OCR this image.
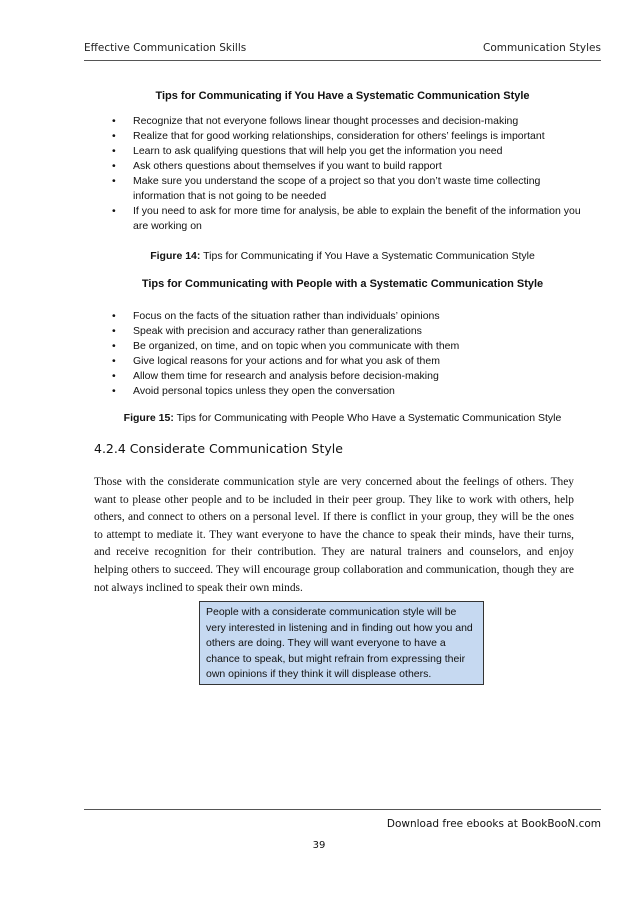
Effective Communication Skills	Communication Styles
Tips for Communicating if You Have a Systematic Communication Style
• Recognize that not everyone follows linear thought processes and decision-making
• Realize that for good working relationships, consideration for others’ feelings is important
• Learn to ask qualifying questions that will help you get the information you need
• Ask others questions about themselves if you want to build rapport
• Make sure you understand the scope of a project so that you don’t waste time collecting information that is not going to be needed
• If you need to ask for more time for analysis, be able to explain the benefit of the information you are working on
Figure 14: Tips for Communicating if You Have a Systematic Communication Style
Tips for Communicating with People with a Systematic Communication Style
• Focus on the facts of the situation rather than individuals’ opinions
• Speak with precision and accuracy rather than generalizations
• Be organized, on time, and on topic when you communicate with them
• Give logical reasons for your actions and for what you ask of them
• Allow them time for research and analysis before decision-making
• Avoid personal topics unless they open the conversation
Figure 15: Tips for Communicating with People Who Have a Systematic Communication Style
4.2.4 Considerate Communication Style
Those with the considerate communication style are very concerned about the feelings of others. They want to please other people and to be included in their peer group. They like to work with others, help others, and connect to others on a personal level. If there is conflict in your group, they will be the ones to attempt to mediate it. They want everyone to have the chance to speak their minds, have their turns, and receive recognition for their contribution. They are natural trainers and counselors, and enjoy helping others to succeed. They will encourage group collaboration and communication, though they are not always inclined to speak their own minds.
People with a considerate communication style will be very interested in listening and in finding out how you and others are doing. They will want everyone to have a chance to speak, but might refrain from expressing their own opinions if they think it will displease others.
Download free ebooks at BookBooN.com
39
